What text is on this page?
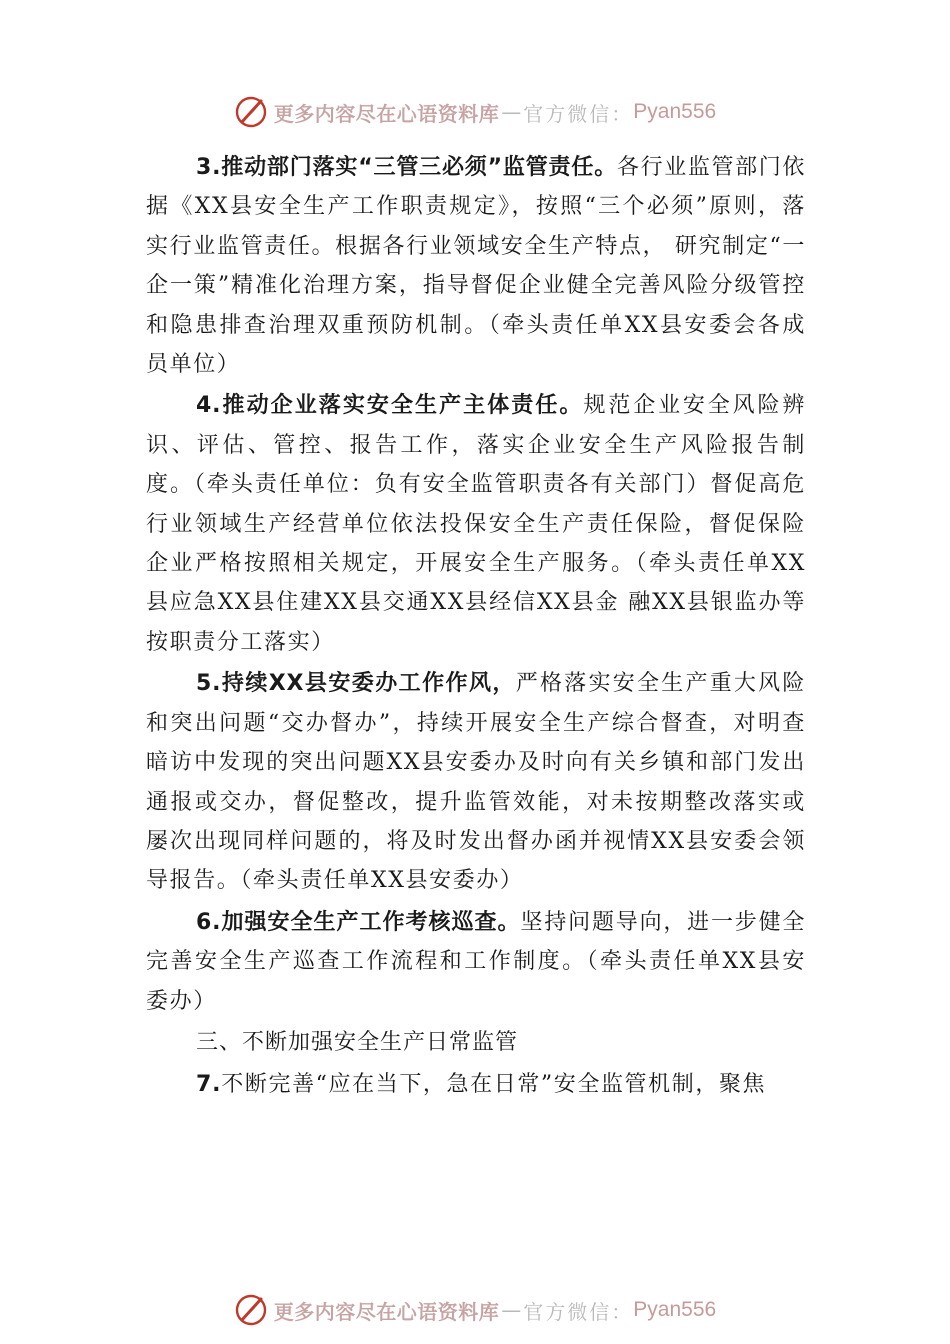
更多内容尽在心语资料库 — 官方微信： Pyan556

3.推动部门落实“三管三必须”监管责任。各行业监管部门依据《XX县安全生产工作职责规定》，按照“三个必须”原则，落实行业监管责任。根据各行业领域安全生产特点， 研究制定“一企一策”精准化治理方案，指导督促企业健全完善风险分级管控和隐患排查治理双重预防机制。（牵头责任单XX县安委会各成员单位）

4.推动企业落实安全生产主体责任。规范企业安全风险辨识、评估、管控、报告工作，落实企业安全生产风险报告制度。（牵头责任单位：负有安全监管职责各有关部门）督促高危行业领域生产经营单位依法投保安全生产责任保险，督促保险企业严格按照相关规定，开展安全生产服务。（牵头责任单XX县应急XX县住建XX县交通XX县经信XX县金 融XX县银监办等按职责分工落实）

5.持续XX县安委办工作作风，严格落实安全生产重大风险和突出问题“交办督办”，持续开展安全生产综合督查，对明查暗访中发现的突出问题XX县安委办及时向有关乡镇和部门发出通报或交办，督促整改，提升监管效能，对未按期整改落实或屡次出现同样问题的，将及时发出督办函并视情XX县安委会领导报告。（牵头责任单XX县安委办）

6.加强安全生产工作考核巡查。坚持问题导向，进一步健全完善安全生产巡查工作流程和工作制度。（牵头责任单XX县安委办）

三、不断加强安全生产日常监管

7.不断完善“应在当下，急在日常”安全监管机制，聚焦

更多内容尽在心语资料库 — 官方微信： Pyan556
